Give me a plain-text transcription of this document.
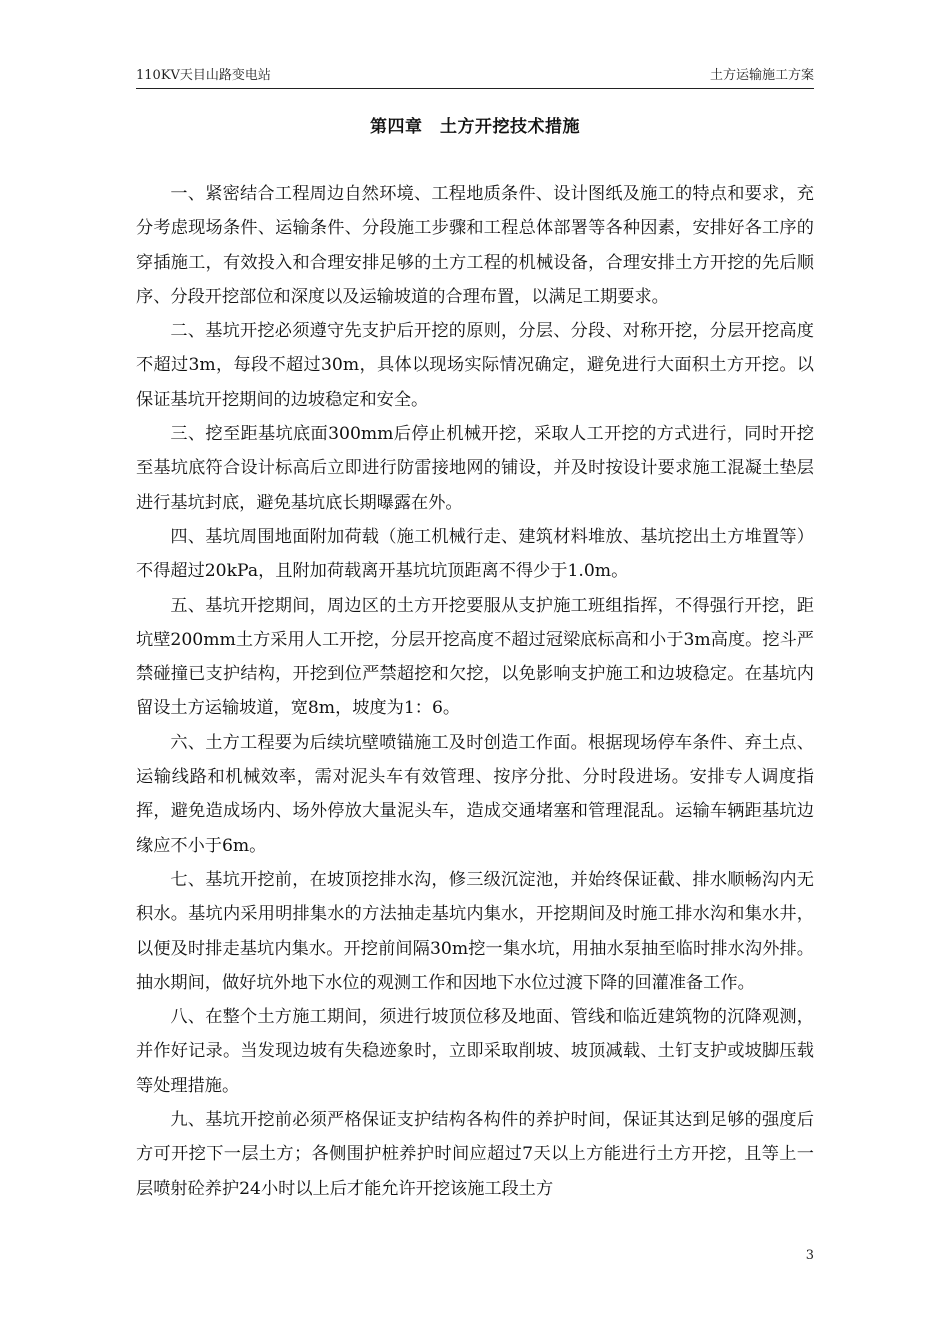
110KV天目山路变电站	土方运输施工方案
第四章　土方开挖技术措施

一、紧密结合工程周边自然环境、工程地质条件、设计图纸及施工的特点和要求，充分考虑现场条件、运输条件、分段施工步骤和工程总体部署等各种因素，安排好各工序的穿插施工，有效投入和合理安排足够的土方工程的机械设备，合理安排土方开挖的先后顺序、分段开挖部位和深度以及运输坡道的合理布置，以满足工期要求。

二、基坑开挖必须遵守先支护后开挖的原则，分层、分段、对称开挖，分层开挖高度不超过3m，每段不超过30m，具体以现场实际情况确定，避免进行大面积土方开挖。以保证基坑开挖期间的边坡稳定和安全。

三、挖至距基坑底面300mm后停止机械开挖，采取人工开挖的方式进行，同时开挖至基坑底符合设计标高后立即进行防雷接地网的铺设，并及时按设计要求施工混凝土垫层进行基坑封底，避免基坑底长期曝露在外。

四、基坑周围地面附加荷载（施工机械行走、建筑材料堆放、基坑挖出土方堆置等）不得超过20kPa，且附加荷载离开基坑坑顶距离不得少于1.0m。

五、基坑开挖期间，周边区的土方开挖要服从支护施工班组指挥，不得强行开挖，距坑壁200mm土方采用人工开挖，分层开挖高度不超过冠梁底标高和小于3m高度。挖斗严禁碰撞已支护结构，开挖到位严禁超挖和欠挖，以免影响支护施工和边坡稳定。在基坑内留设土方运输坡道，宽8m，坡度为1：6。

六、土方工程要为后续坑壁喷锚施工及时创造工作面。根据现场停车条件、弃土点、运输线路和机械效率，需对泥头车有效管理、按序分批、分时段进场。安排专人调度指挥，避免造成场内、场外停放大量泥头车，造成交通堵塞和管理混乱。运输车辆距基坑边缘应不小于6m。

七、基坑开挖前，在坡顶挖排水沟，修三级沉淀池，并始终保证截、排水顺畅沟内无积水。基坑内采用明排集水的方法抽走基坑内集水，开挖期间及时施工排水沟和集水井，以便及时排走基坑内集水。开挖前间隔30m挖一集水坑，用抽水泵抽至临时排水沟外排。抽水期间，做好坑外地下水位的观测工作和因地下水位过渡下降的回灌准备工作。

八、在整个土方施工期间，须进行坡顶位移及地面、管线和临近建筑物的沉降观测，并作好记录。当发现边坡有失稳迹象时，立即采取削坡、坡顶减载、土钉支护或坡脚压载等处理措施。

九、基坑开挖前必须严格保证支护结构各构件的养护时间，保证其达到足够的强度后方可开挖下一层土方；各侧围护桩养护时间应超过7天以上方能进行土方开挖，且等上一层喷射砼养护24小时以上后才能允许开挖该施工段土方

3
